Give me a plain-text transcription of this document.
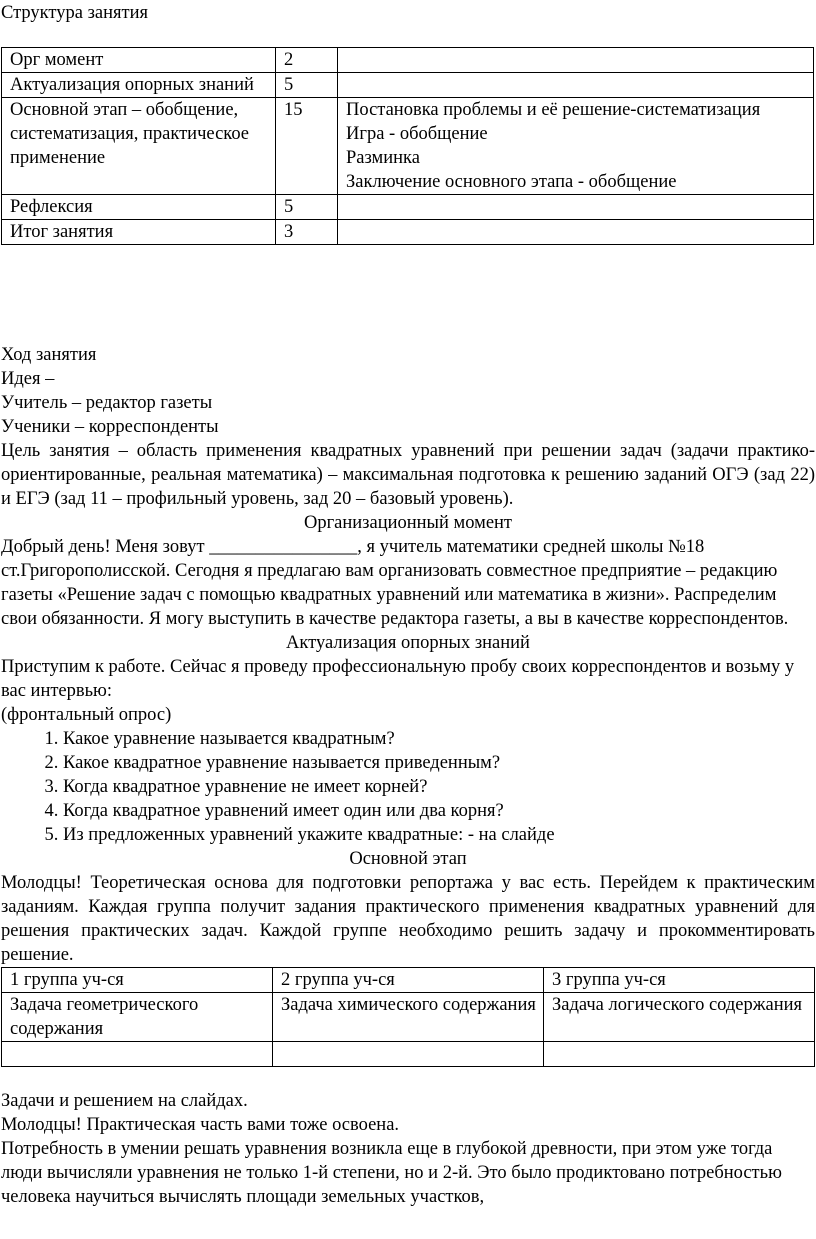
Структура занятия

Орг момент	2	
Актуализация опорных знаний	5	
Основной этап – обобщение, систематизация, практическое применение	15	Постановка проблемы и её решение-систематизация
Игра - обобщение
Разминка
Заключение основного этапа - обобщение

Рефлексия	5	
Итог занятия	3	

Ход занятия

Идея –

Учитель – редактор газеты

Ученики – корреспонденты

Цель занятия – область применения квадратных уравнений при решении задач (задачи практико-ориентированные, реальная математика) – максимальная подготовка к решению заданий ОГЭ (зад 22) и ЕГЭ (зад 11 – профильный уровень, зад 20 – базовый уровень).

Организационный момент

Добрый день! Меня зовут ________________, я учитель математики средней школы №18 ст.Григорополисской. Сегодня я предлагаю вам организовать совместное предприятие – редакцию газеты «Решение задач с помощью квадратных уравнений или математика в жизни». Распределим свои обязанности. Я могу выступить в качестве редактора газеты, а вы в качестве корреспондентов.

Актуализация опорных знаний

Приступим к работе. Сейчас я проведу профессиональную пробу своих корреспондентов и возьму у вас интервью:

(фронтальный опрос)

1. Какое уравнение называется квадратным?
2. Какое квадратное уравнение называется приведенным?
3. Когда квадратное уравнение не имеет корней?
4. Когда квадратное уравнений имеет один или два корня?
5. Из предложенных уравнений укажите квадратные: - на слайде

Основной этап

Молодцы! Теоретическая основа для подготовки репортажа у вас есть. Перейдем к практическим заданиям. Каждая группа получит задания практического применения квадратных уравнений для решения практических задач. Каждой группе необходимо решить задачу и прокомментировать решение.

1 группа уч-ся	2 группа уч-ся	3 группа уч-ся
Задача геометрического содержания	Задача химического содержания	Задача логического содержания

Задачи и решением на слайдах.

Молодцы! Практическая часть вами тоже освоена.

Потребность в умении решать уравнения возникла еще в глубокой древности, при этом уже тогда люди вычисляли уравнения не только 1-й степени, но и 2-й. Это было продиктовано потребностью человека научиться вычислять площади земельных участков,
